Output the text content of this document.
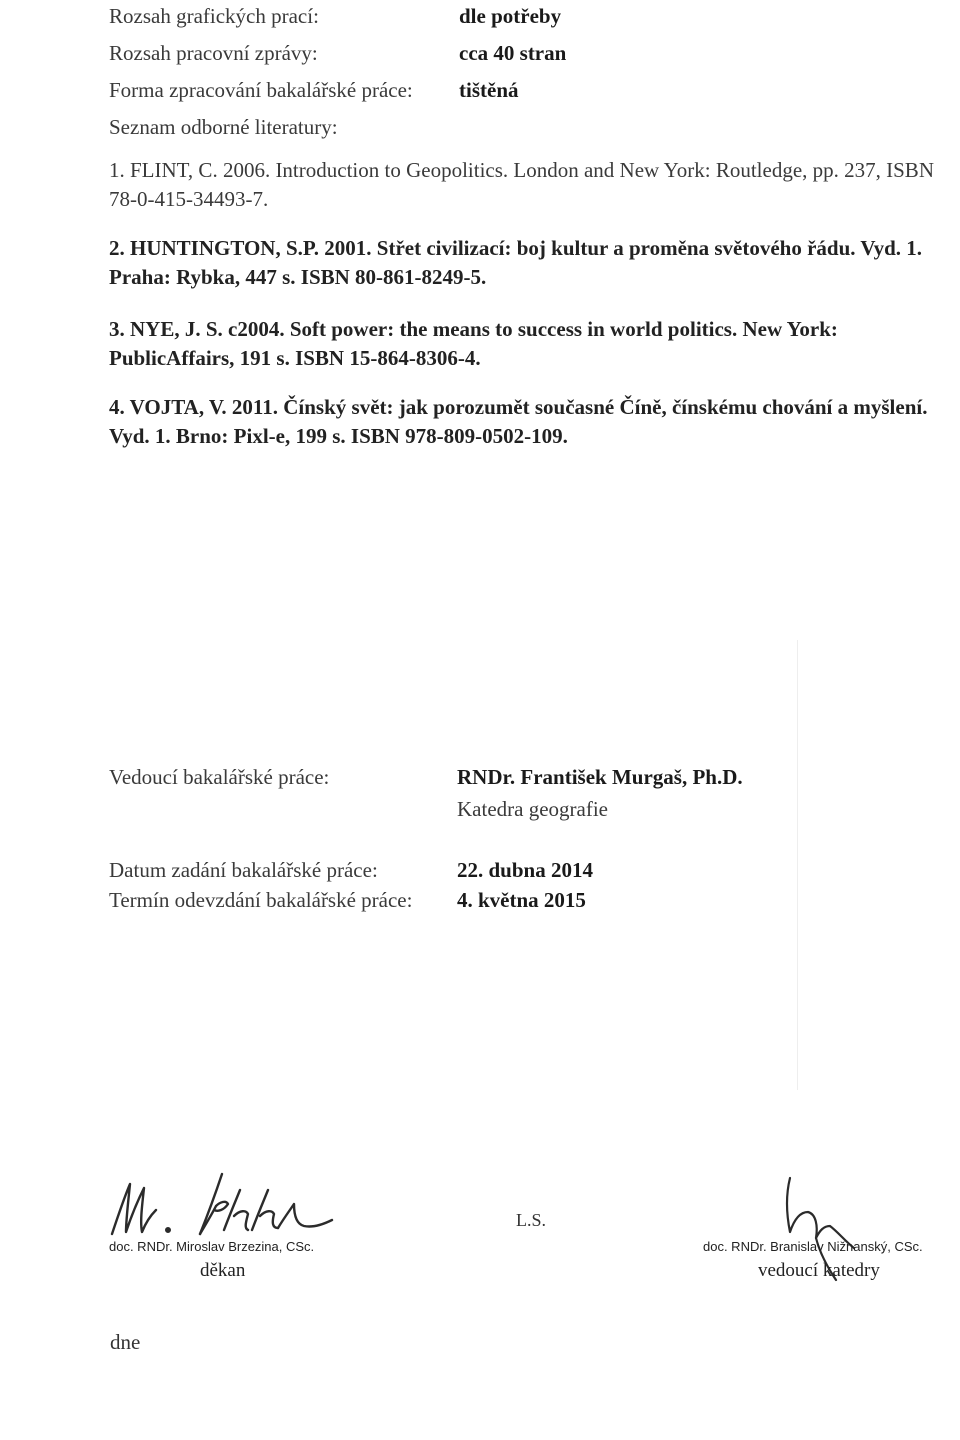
Rozsah grafických prací:	dle potřeby
Rozsah pracovní zprávy:	cca 40 stran
Forma zpracování bakalářské práce: tištěná
Seznam odborné literatury:
1. FLINT, C. 2006. Introduction to Geopolitics. London and New York: Routledge, pp. 237, ISBN 78-0-415-34493-7.
2. HUNTINGTON, S.P. 2001. Střet civilizací: boj kultur a proměna světového řádu. Vyd. 1. Praha: Rybka, 447 s. ISBN 80-861-8249-5.
3. NYE, J. S. c2004. Soft power: the means to success in world politics. New York: PublicAffairs, 191 s. ISBN 15-864-8306-4.
4. VOJTA, V. 2011. Čínský svět: jak porozumět současné Číně, čínskému chování a myšlení. Vyd. 1. Brno: Pixl-e, 199 s. ISBN 978-809-0502-109.
Vedoucí bakalářské práce:	RNDr. František Murgaš, Ph.D.
Katedra geografie
Datum zadání bakalářské práce:	22. dubna 2014
Termín odevzdání bakalářské práce: 4. května 2015
doc. RNDr. Miroslav Brzezina, CSc.
děkan
L.S.
doc. RNDr. Branislav Nižnanský, CSc.
vedoucí katedry
dne
